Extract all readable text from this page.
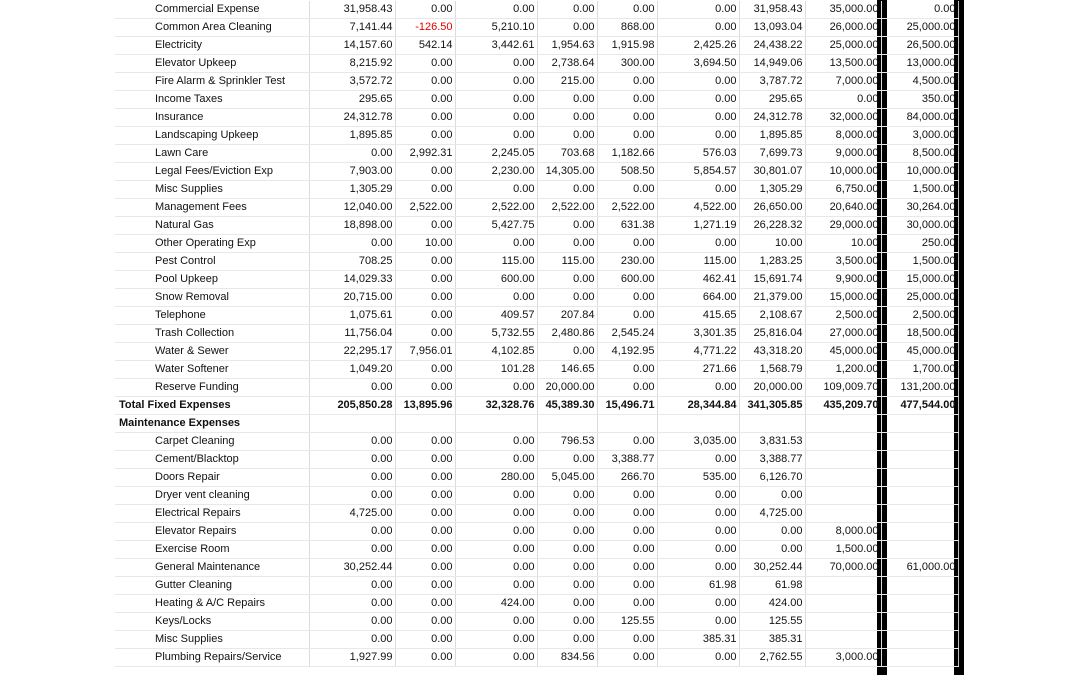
Commercial Expense	31,958.43	0.00	0.00	0.00	0.00	0.00	31,958.43	35,000.00	0.00
Common Area Cleaning	7,141.44	-126.50	5,210.10	0.00	868.00	0.00	13,093.04	26,000.00	25,000.00
Electricity	14,157.60	542.14	3,442.61	1,954.63	1,915.98	2,425.26	24,438.22	25,000.00	26,500.00
Elevator Upkeep	8,215.92	0.00	0.00	2,738.64	300.00	3,694.50	14,949.06	13,500.00	13,000.00
Fire Alarm & Sprinkler Test	3,572.72	0.00	0.00	215.00	0.00	0.00	3,787.72	7,000.00	4,500.00
Income Taxes	295.65	0.00	0.00	0.00	0.00	0.00	295.65	0.00	350.00
Insurance	24,312.78	0.00	0.00	0.00	0.00	0.00	24,312.78	32,000.00	84,000.00
Landscaping Upkeep	1,895.85	0.00	0.00	0.00	0.00	0.00	1,895.85	8,000.00	3,000.00
Lawn Care	0.00	2,992.31	2,245.05	703.68	1,182.66	576.03	7,699.73	9,000.00	8,500.00
Legal Fees/Eviction Exp	7,903.00	0.00	2,230.00	14,305.00	508.50	5,854.57	30,801.07	10,000.00	10,000.00
Misc Supplies	1,305.29	0.00	0.00	0.00	0.00	0.00	1,305.29	6,750.00	1,500.00
Management Fees	12,040.00	2,522.00	2,522.00	2,522.00	2,522.00	4,522.00	26,650.00	20,640.00	30,264.00
Natural Gas	18,898.00	0.00	5,427.75	0.00	631.38	1,271.19	26,228.32	29,000.00	30,000.00
Other Operating Exp	0.00	10.00	0.00	0.00	0.00	0.00	10.00	10.00	250.00
Pest Control	708.25	0.00	115.00	115.00	230.00	115.00	1,283.25	3,500.00	1,500.00
Pool Upkeep	14,029.33	0.00	600.00	0.00	600.00	462.41	15,691.74	9,900.00	15,000.00
Snow Removal	20,715.00	0.00	0.00	0.00	0.00	664.00	21,379.00	15,000.00	25,000.00
Telephone	1,075.61	0.00	409.57	207.84	0.00	415.65	2,108.67	2,500.00	2,500.00
Trash Collection	11,756.04	0.00	5,732.55	2,480.86	2,545.24	3,301.35	25,816.04	27,000.00	18,500.00
Water & Sewer	22,295.17	7,956.01	4,102.85	0.00	4,192.95	4,771.22	43,318.20	45,000.00	45,000.00
Water Softener	1,049.20	0.00	101.28	146.65	0.00	271.66	1,568.79	1,200.00	1,700.00
Reserve Funding	0.00	0.00	0.00	20,000.00	0.00	0.00	20,000.00	109,009.70	131,200.00
Total Fixed Expenses	205,850.28	13,895.96	32,328.76	45,389.30	15,496.71	28,344.84	341,305.85	435,209.70	477,544.00
Maintenance Expenses									
Carpet Cleaning	0.00	0.00	0.00	796.53	0.00	3,035.00	3,831.53		
Cement/Blacktop	0.00	0.00	0.00	0.00	3,388.77	0.00	3,388.77		
Doors Repair	0.00	0.00	280.00	5,045.00	266.70	535.00	6,126.70		
Dryer vent cleaning	0.00	0.00	0.00	0.00	0.00	0.00	0.00		
Electrical Repairs	4,725.00	0.00	0.00	0.00	0.00	0.00	4,725.00		
Elevator Repairs	0.00	0.00	0.00	0.00	0.00	0.00	0.00	8,000.00	
Exercise Room	0.00	0.00	0.00	0.00	0.00	0.00	0.00	1,500.00	
General Maintenance	30,252.44	0.00	0.00	0.00	0.00	0.00	30,252.44	70,000.00	61,000.00
Gutter Cleaning	0.00	0.00	0.00	0.00	0.00	61.98	61.98		
Heating & A/C Repairs	0.00	0.00	424.00	0.00	0.00	0.00	424.00		
Keys/Locks	0.00	0.00	0.00	0.00	125.55	0.00	125.55		
Misc Supplies	0.00	0.00	0.00	0.00	0.00	385.31	385.31		
Plumbing Repairs/Service	1,927.99	0.00	0.00	834.56	0.00	0.00	2,762.55	3,000.00	
